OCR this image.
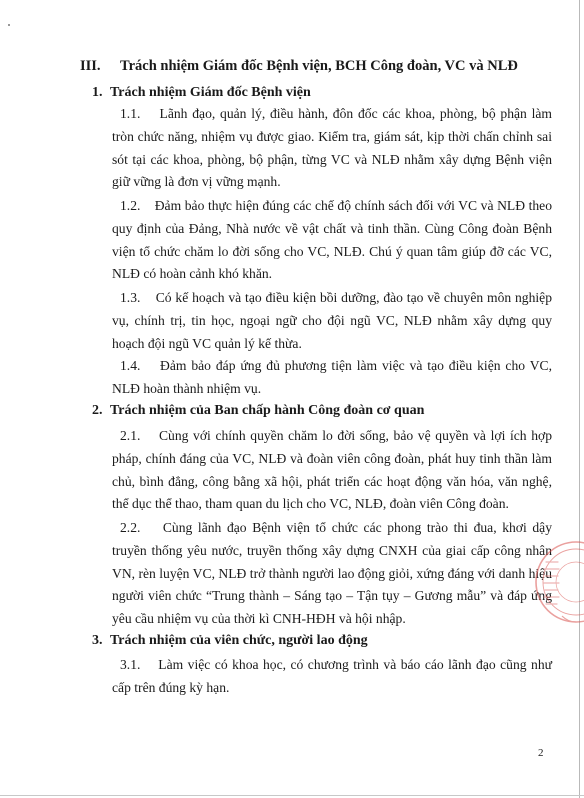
III. Trách nhiệm Giám đốc Bệnh viện, BCH Công đoàn, VC và NLĐ
1. Trách nhiệm Giám đốc Bệnh viện
1.1. Lãnh đạo, quản lý, điều hành, đôn đốc các khoa, phòng, bộ phận làm tròn chức năng, nhiệm vụ được giao. Kiểm tra, giám sát, kịp thời chấn chỉnh sai sót tại các khoa, phòng, bộ phận, từng VC và NLĐ nhằm xây dựng Bệnh viện giữ vững là đơn vị vững mạnh.
1.2. Đảm bảo thực hiện đúng các chế độ chính sách đối với VC và NLĐ theo quy định của Đảng, Nhà nước về vật chất và tinh thần. Cùng Công đoàn Bệnh viện tổ chức chăm lo đời sống cho VC, NLĐ. Chú ý quan tâm giúp đỡ các VC, NLĐ có hoàn cảnh khó khăn.
1.3. Có kế hoạch và tạo điều kiện bồi dưỡng, đào tạo về chuyên môn nghiệp vụ, chính trị, tin học, ngoại ngữ cho đội ngũ VC, NLĐ nhằm xây dựng quy hoạch đội ngũ VC quản lý kế thừa.
1.4. Đảm bảo đáp ứng đủ phương tiện làm việc và tạo điều kiện cho VC, NLĐ hoàn thành nhiệm vụ.
2. Trách nhiệm của Ban chấp hành Công đoàn cơ quan
2.1. Cùng với chính quyền chăm lo đời sống, bảo vệ quyền và lợi ích hợp pháp, chính đáng của VC, NLĐ và đoàn viên công đoàn, phát huy tinh thần làm chủ, bình đẳng, công bằng xã hội, phát triển các hoạt động văn hóa, văn nghệ, thể dục thể thao, tham quan du lịch cho VC, NLĐ, đoàn viên Công đoàn.
2.2. Cùng lãnh đạo Bệnh viện tổ chức các phong trào thi đua, khơi dậy truyền thống yêu nước, truyền thống xây dựng CNXH của giai cấp công nhân VN, rèn luyện VC, NLĐ trở thành người lao động giỏi, xứng đáng với danh hiệu người viên chức “Trung thành – Sáng tạo – Tận tụy – Gương mẫu” và đáp ứng yêu cầu nhiệm vụ của thời kì CNH-HĐH và hội nhập.
3. Trách nhiệm của viên chức, người lao động
3.1. Làm việc có khoa học, có chương trình và báo cáo lãnh đạo cũng như cấp trên đúng kỳ hạn.
2
